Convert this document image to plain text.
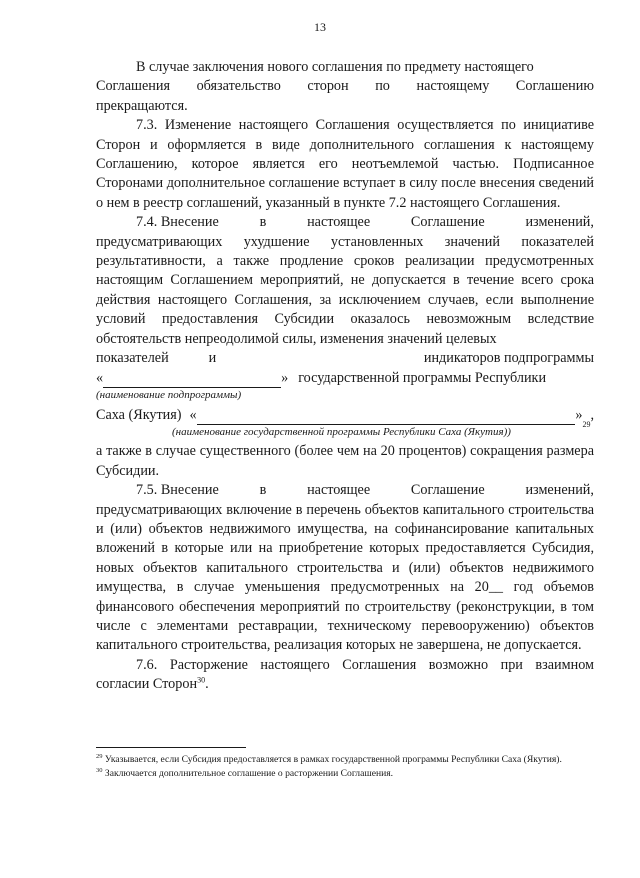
13

В случае заключения нового соглашения по предмету настоящего

Соглашения обязательство сторон по настоящему Соглашению

прекращаются.

7.3. Изменение настоящего Соглашения осуществляется по инициативе Сторон и оформляется в виде дополнительного соглашения к настоящему Соглашению, которое является его неотъемлемой частью. Подписанное Сторонами дополнительное соглашение вступает в силу после внесения сведений о нем в реестр соглашений, указанный в пункте 7.2 настоящего Соглашения.

7.4. Внесение	в	настоящее	Соглашение	изменений,

предусматривающих ухудшение установленных значений показателей результативности, а также продление сроков реализации предусмотренных настоящим Соглашением мероприятий, не допускается в течение всего срока действия настоящего Соглашения, за исключением случаев, если выполнение условий предоставления Субсидии оказалось невозможным вследствие обстоятельств непреодолимой силы, изменения значений целевых

показателей	и	индикаторов подпрограммы
«	» государственной программы Республики
(наименование подпрограммы)
Саха (Якутия) «	»
29
,
(наименование государственной программы Республики Саха (Якутия))

а также в случае существенного (более чем на 20 процентов) сокращения размера Субсидии.

7.5. Внесение	в	настоящее	Соглашение	изменений,

предусматривающих включение в перечень объектов капитального строительства и (или) объектов недвижимого имущества, на софинансирование капитальных вложений в которые или на приобретение которых предоставляется Субсидия, новых объектов капитального строительства и (или) объектов недвижимого имущества, в случае уменьшения предусмотренных на 20__ год объемов финансового обеспечения мероприятий по строительству (реконструкции, в том числе с элементами реставрации, техническому перевооружению) объектов капитального строительства, реализация которых не завершена, не допускается.

7.6. Расторжение настоящего Соглашения возможно при взаимном согласии Сторон$^{30}$.

$^{29}$ Указывается, если Субсидия предоставляется в рамках государственной программы Республики Саха (Якутия).

$^{30}$ Заключается дополнительное соглашение о расторжении Соглашения.
